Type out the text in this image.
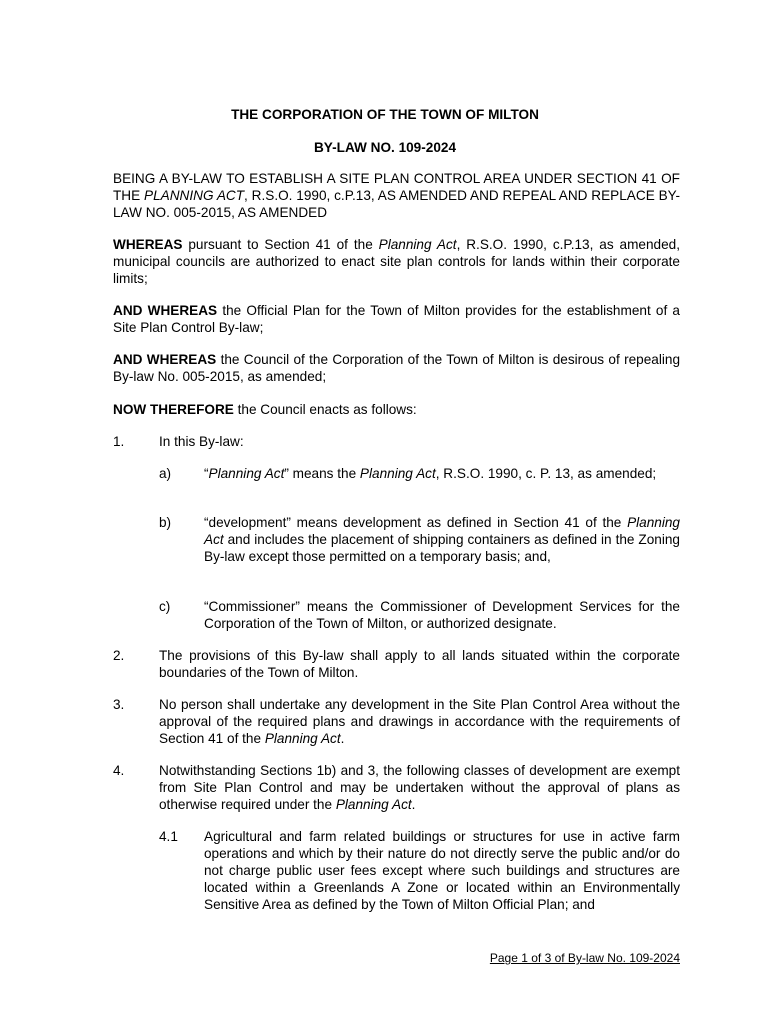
THE CORPORATION OF THE TOWN OF MILTON
BY-LAW NO. 109-2024
BEING A BY-LAW TO ESTABLISH A SITE PLAN CONTROL AREA UNDER SECTION 41 OF THE PLANNING ACT, R.S.O. 1990, c.P.13, AS AMENDED AND REPEAL AND REPLACE BY-LAW NO. 005-2015, AS AMENDED
WHEREAS pursuant to Section 41 of the Planning Act, R.S.O. 1990, c.P.13, as amended, municipal councils are authorized to enact site plan controls for lands within their corporate limits;
AND WHEREAS the Official Plan for the Town of Milton provides for the establishment of a Site Plan Control By-law;
AND WHEREAS the Council of the Corporation of the Town of Milton is desirous of repealing By-law No. 005-2015, as amended;
NOW THEREFORE the Council enacts as follows:
1.	In this By-law:
a) “Planning Act” means the Planning Act, R.S.O. 1990, c. P. 13, as amended;
b) “development” means development as defined in Section 41 of the Planning Act and includes the placement of shipping containers as defined in the Zoning By-law except those permitted on a temporary basis; and,
c) “Commissioner” means the Commissioner of Development Services for the Corporation of the Town of Milton, or authorized designate.
2.	The provisions of this By-law shall apply to all lands situated within the corporate boundaries of the Town of Milton.
3.	No person shall undertake any development in the Site Plan Control Area without the approval of the required plans and drawings in accordance with the requirements of Section 41 of the Planning Act.
4.	Notwithstanding Sections 1b) and 3, the following classes of development are exempt from Site Plan Control and may be undertaken without the approval of plans as otherwise required under the Planning Act.
4.1 Agricultural and farm related buildings or structures for use in active farm operations and which by their nature do not directly serve the public and/or do not charge public user fees except where such buildings and structures are located within a Greenlands A Zone or located within an Environmentally Sensitive Area as defined by the Town of Milton Official Plan; and
Page 1 of 3 of By-law No. 109-2024
